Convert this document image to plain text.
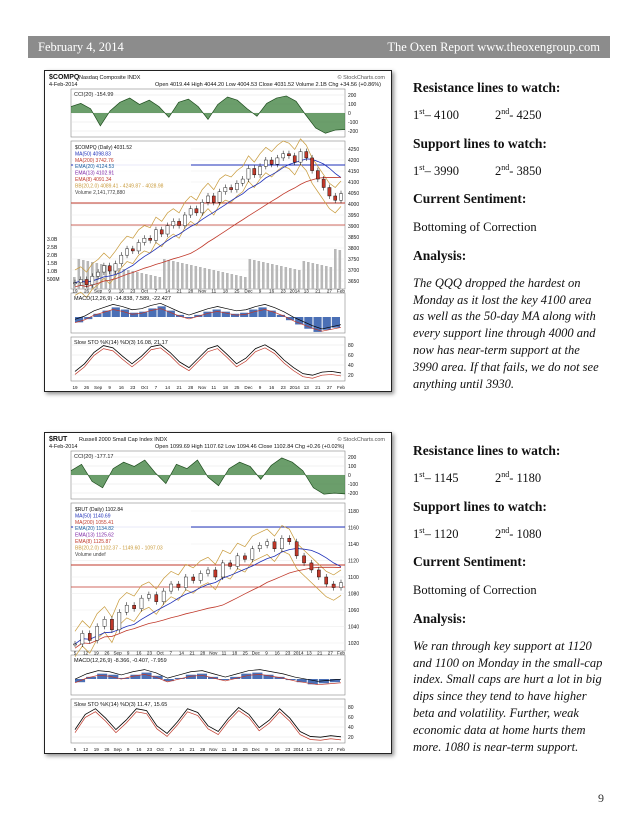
February 4, 2014	The Oxen Report www.theoxengroup.com
$COMPQ Nasdaq Composite INDX	© StockCharts.com
4-Feb-2014	Open 4019.44 High 4044.20 Low 4004.53 Close 4031.52 Volume 2.1B Chg +34.56 (+0.86%)
CCI(20) -154.99	200
100
0
-100
-200
4250
4200
4150
4100
4050
4000
3950
3900
3850
3800
3750
3700
3650
3.0B
2.5B
2.0B
1.5B
1.0B
500M
$COMPQ (Daily) 4031.52
MA(50) 4098.83
MA(200) 3742.76
EMA(20) 4124.53
EMA(13) 4102.91
EMA(8) 4091.34
BB(20,2.0) 4089.41 - 4249.87 - 4028.98
Volume 2,141,772,880
MACD(12,26,9) -14.838, 7.589, -22.427
Slow STO %K(14) %D(3) 16.08, 21.17	80
60
40
20
19
19
26
26
Sep
Sep
9
9
16
16
23
23
Oct
Oct
7
7
14
14
21
21
28
28
Nov
Nov
11
11
18
18
25
25
Dec
Dec
9
9
16
16
23
23
2014
2014
13
13
21
21
27
27
Feb
Feb
$RUT Russell 2000 Small Cap Index INDX	© StockCharts.com
4-Feb-2014	Open 1099.69 High 1107.62 Low 1094.46 Close 1102.84 Chg +0.26 (+0.02%)
CCI(20) -177.17	200
100
0
-100
-200
1180
1160
1140
1120
1100
1080
1060
1040
1020
$RUT (Daily) 1102.84
MA(50) 1140.69
MA(200) 1055.41
EMA(20) 1134.82
EMA(13) 1125.62
EMA(8) 1125.87
BB(20,2.0) 1102.37 - 1149.60 - 1097.03
Volume undef
MACD(12,26,9) -8.366, -0.407, -7.959
Slow STO %K(14) %D(3) 11.47, 15.65	80
60
40
20
5
5
12
12
19
19
26
26
Sep
Sep
9
9
16
16
23
23
Oct
Oct
7
7
14
14
21
21
28
28
Nov
Nov
11
11
18
18
25
25
Dec
Dec
9
9
16
16
23
23
2014
2014
13
13
21
21
27
27
Feb
Feb

Resistance lines to watch:

1st– 4100	2nd- 4250

Support lines to watch:

1st– 3990	2nd- 3850

Current Sentiment:

Bottoming of Correction

Analysis:

The QQQ dropped the hardest on Monday as it lost the key 4100 area as well as the 50-day MA along with every support line through 4000 and now has near-term support at the 3990 area. If that fails, we do not see anything until 3930.

Resistance lines to watch:

1st– 1145	2nd- 1180

Support lines to watch:

1st– 1120	2nd- 1080

Current Sentiment:

Bottoming of Correction

Analysis:

We ran through key support at 1120 and 1100 on Monday in the small-cap index. Small caps are hurt a lot in big dips since they tend to have higher beta and volatility. Further, weak economic data at home hurts them more. 1080 is near-term support.
9
